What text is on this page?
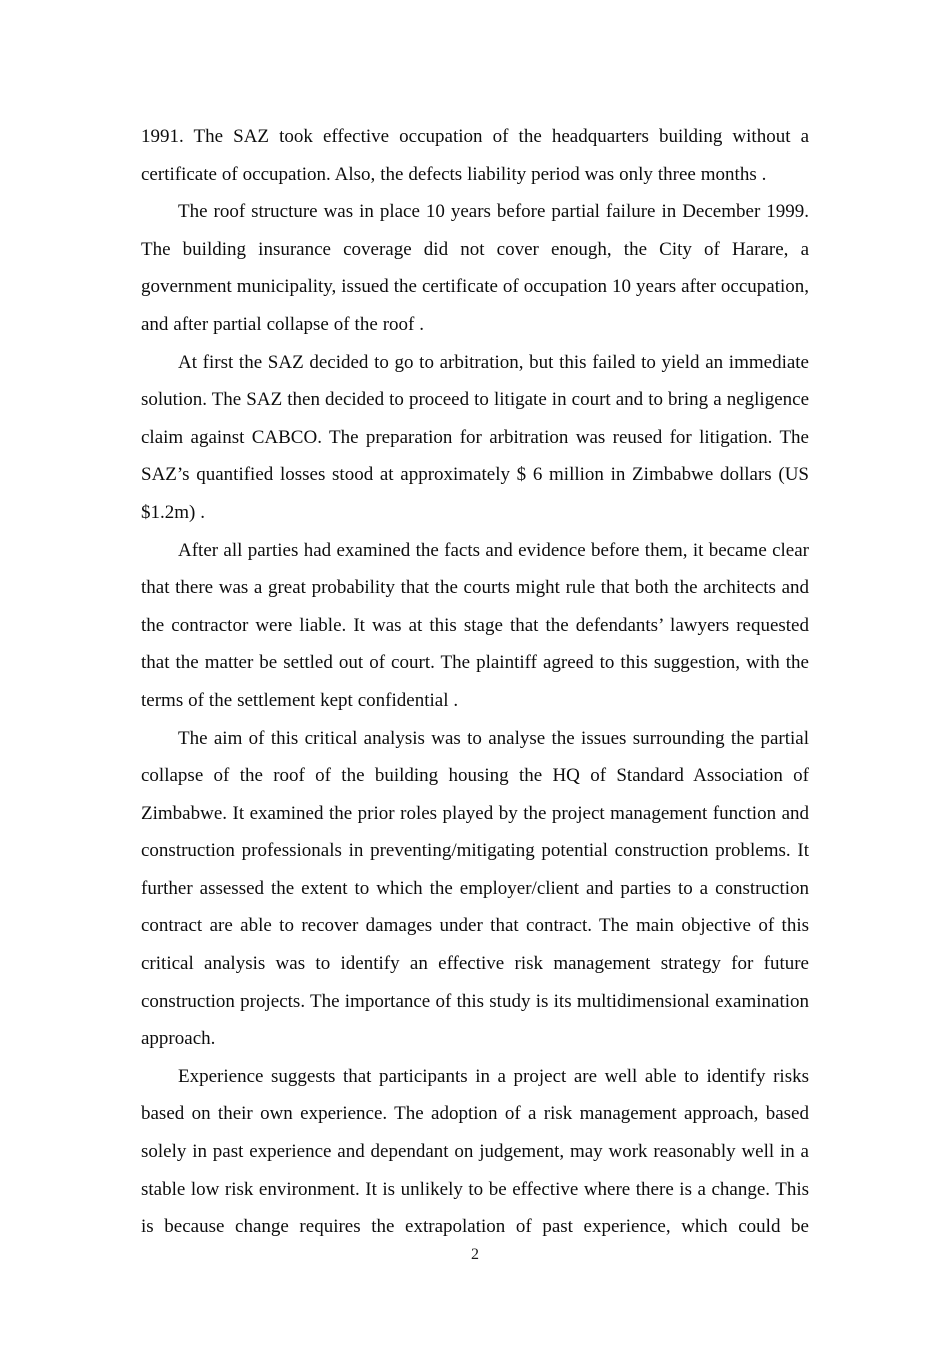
1991. The SAZ took effective occupation of the headquarters building without a certificate of occupation. Also, the defects liability period was only three months .

The roof structure was in place 10 years before partial failure in December 1999. The building insurance coverage did not cover enough, the City of Harare, a government municipality, issued the certificate of occupation 10 years after occupation, and after partial collapse of the roof .

At first the SAZ decided to go to arbitration, but this failed to yield an immediate solution. The SAZ then decided to proceed to litigate in court and to bring a negligence claim against CABCO. The preparation for arbitration was reused for litigation. The SAZ’s quantified losses stood at approximately $ 6 million in Zimbabwe dollars (US $1.2m) .

After all parties had examined the facts and evidence before them, it became clear that there was a great probability that the courts might rule that both the architects and the contractor were liable. It was at this stage that the defendants’ lawyers requested that the matter be settled out of court. The plaintiff agreed to this suggestion, with the terms of the settlement kept confidential .

The aim of this critical analysis was to analyse the issues surrounding the partial collapse of the roof of the building housing the HQ of Standard Association of Zimbabwe. It examined the prior roles played by the project management function and construction professionals in preventing/mitigating potential construction problems. It further assessed the extent to which the employer/client and parties to a construction contract are able to recover damages under that contract. The main objective of this critical analysis was to identify an effective risk management strategy for future construction projects. The importance of this study is its multidimensional examination approach.

Experience suggests that participants in a project are well able to identify risks based on their own experience. The adoption of a risk management approach, based solely in past experience and dependant on judgement, may work reasonably well in a stable low risk environment. It is unlikely to be effective where there is a change. This is because change requires the extrapolation of past experience, which could be

2
